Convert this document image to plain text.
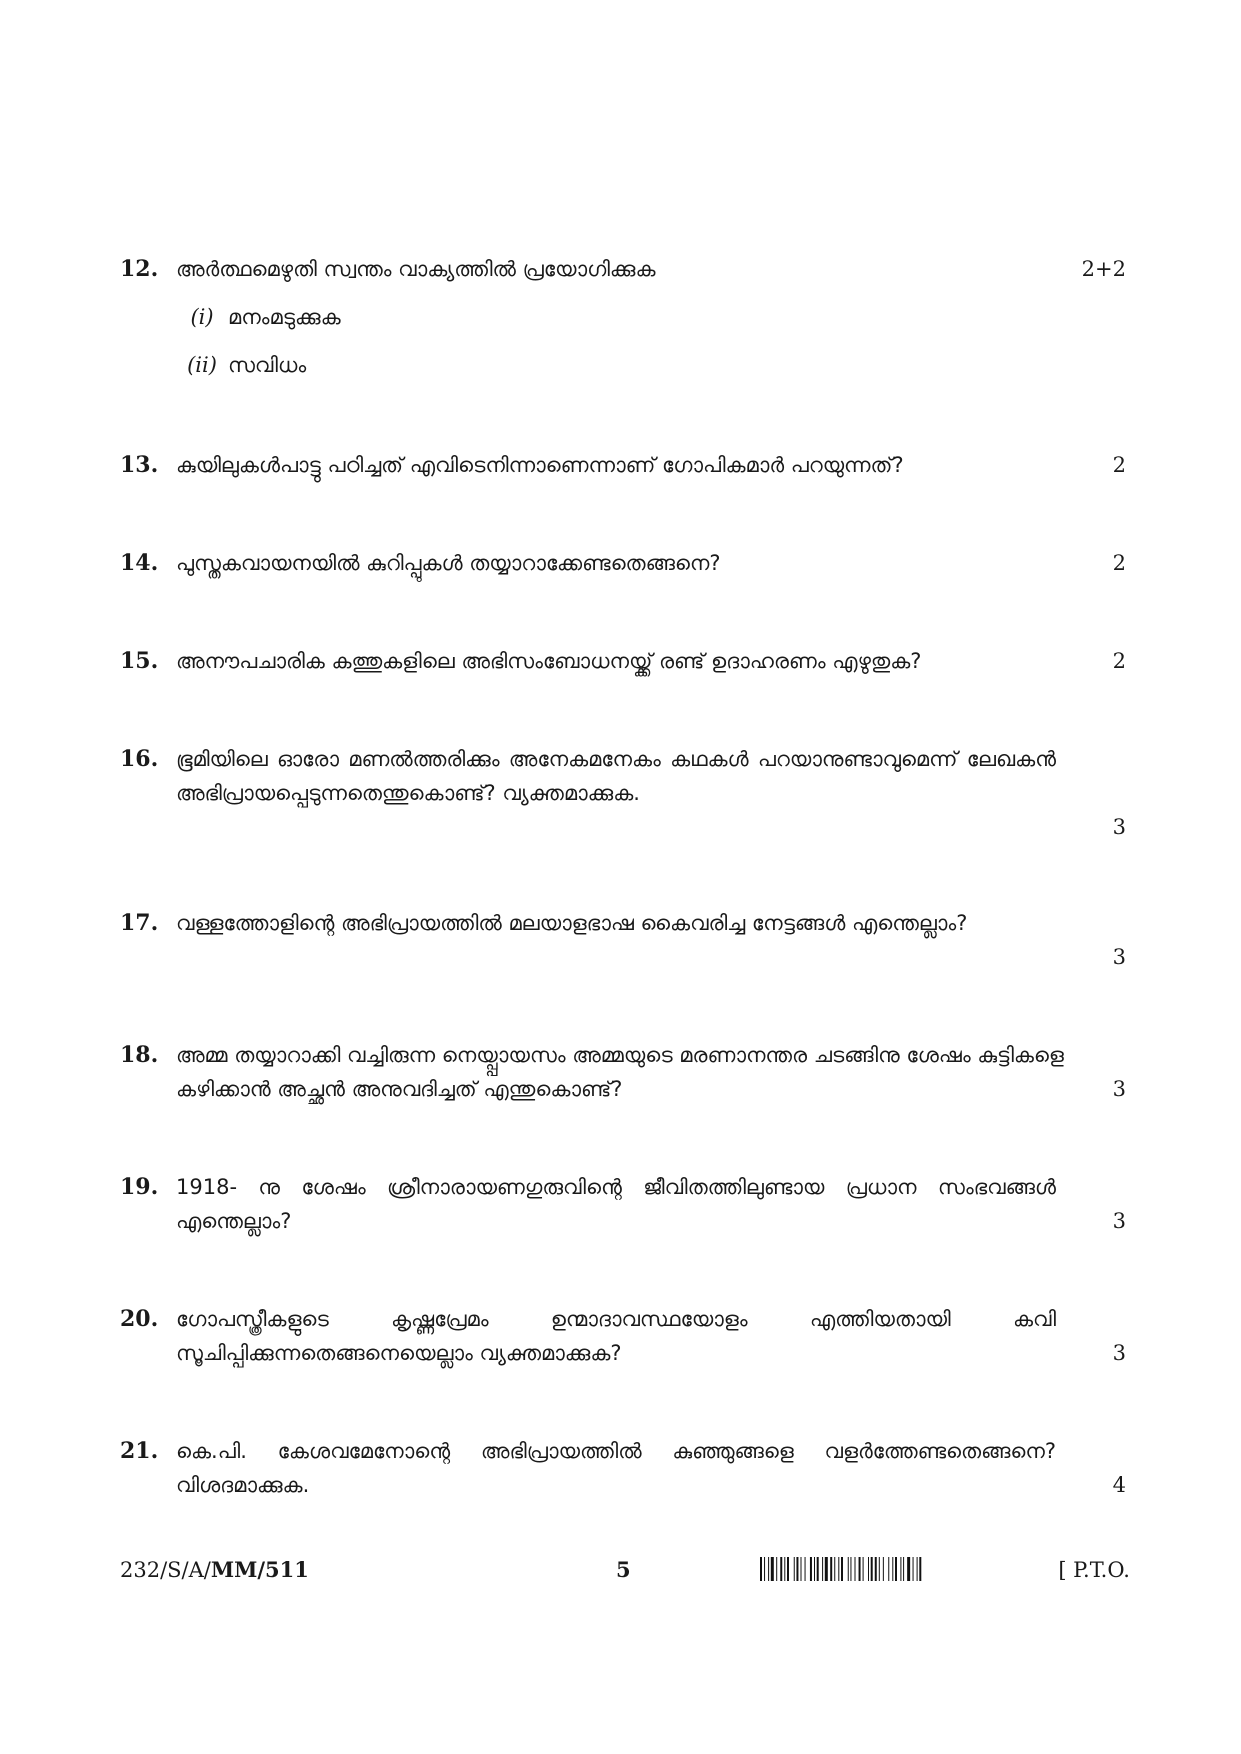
12. അർത്ഥമെഴുതി സ്വന്തം വാക്യത്തിൽ പ്രയോഗിക്കുക	2+2
(i) മനംമടുക്കുക
(ii) സവിധം
13. കുയിലുകൾപാട്ടു പഠിച്ചത് എവിടെനിന്നാണെന്നാണ് ഗോപികമാർ പറയുന്നത്?	2
14. പുസ്തകവായനയിൽ കുറിപ്പുകൾ തയ്യാറാക്കേണ്ടതെങ്ങനെ?	2
15. അനൗപചാരിക കത്തുകളിലെ അഭിസംബോധനയ്ക്ക് രണ്ട് ഉദാഹരണം എഴുതുക?	2
16. ഭൂമിയിലെ ഓരോ മണൽത്തരിക്കും അനേകമനേകം കഥകൾ പറയാനുണ്ടാവുമെന്ന് ലേഖകൻ അഭിപ്രായപ്പെടുന്നതെന്തുകൊണ്ട്? വ്യക്തമാക്കുക.
3
17. വള്ളത്തോളിന്റെ അഭിപ്രായത്തിൽ മലയാളഭാഷ കൈവരിച്ച നേട്ടങ്ങൾ എന്തെല്ലാം?
3
18. അമ്മ തയ്യാറാക്കി വച്ചിരുന്ന നെയ്പ്പായസം അമ്മയുടെ മരണാനന്തര ചടങ്ങിനു ശേഷം കുട്ടികളെ കഴിക്കാൻ അച്ഛൻ അനുവദിച്ചത് എന്തുകൊണ്ട്?	3
19. 1918- നു ശേഷം ശ്രീനാരായണഗുരുവിന്റെ ജീവിതത്തിലുണ്ടായ പ്രധാന സംഭവങ്ങൾ എന്തെല്ലാം?	3
20. ഗോപസ്ത്രീകളുടെ കൃഷ്ണപ്രേമം ഉന്മാദാവസ്ഥയോളം എത്തിയതായി കവി സൂചിപ്പിക്കുന്നതെങ്ങനെയെല്ലാം വ്യക്തമാക്കുക?	3
21. കെ.പി. കേശവമേനോന്റെ അഭിപ്രായത്തിൽ കുഞ്ഞുങ്ങളെ വളർത്തേണ്ടതെങ്ങനെ? വിശദമാക്കുക.	4
232/S/A/MM/511	5	[ P.T.O.
